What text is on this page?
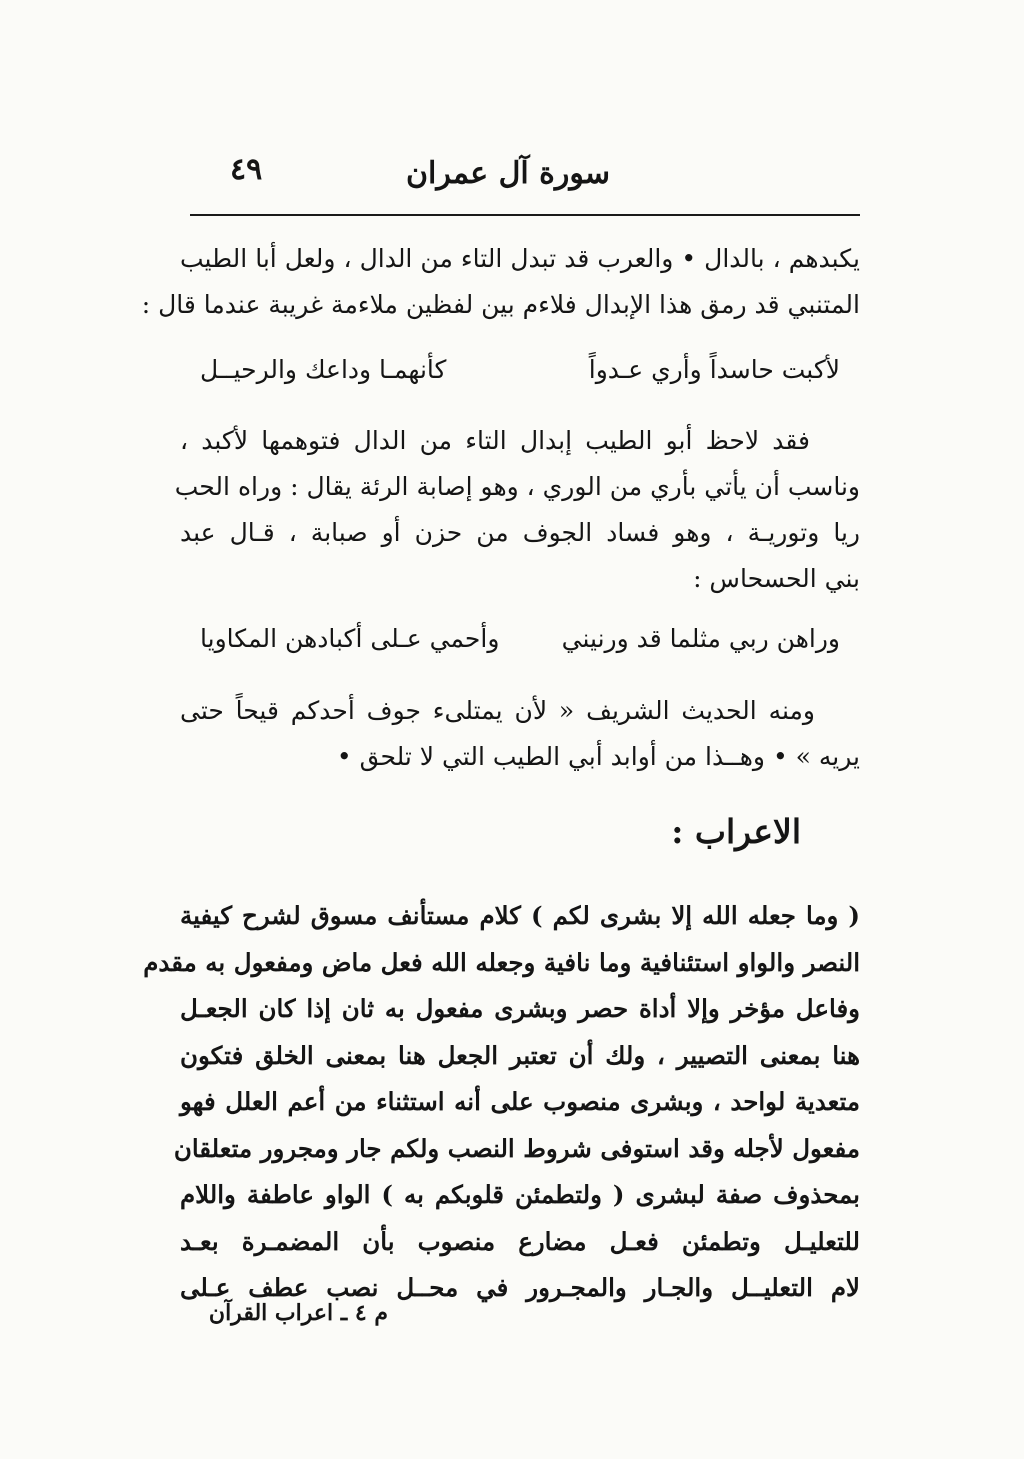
سورة آل عمران
٤٩
يكبدهم ، بالدال • والعرب قد تبدل التاء من الدال ، ولعل أبا الطيب
المتنبي قد رمق هذا الإبدال فلاءم بين لفظين ملاءمة غريبة عندما قال :
لأكبت حاسداً وأري عـدواً
كأنهمـا وداعك والرحيــل
فقد لاحظ أبو الطيب إبدال التاء من الدال فتوهمها لأكبد ،
وناسب أن يأتي بأري من الوري ، وهو إصابة الرئة يقال : وراه الحب
ريا وتوريـة ، وهو فساد الجوف من حزن أو صبابة ، قـال عبد
بني الحسحاس :
وراهن ربي مثلما قد ورنيني
وأحمي عـلى أكبادهن المكاويا
ومنه الحديث الشريف « لأن يمتلىء جوف أحدكم قيحاً حتى
يريه » • وهــذا من أوابد أبي الطيب التي لا تلحق •
الاعراب :
( وما جعله الله إلا بشرى لكم ) كلام مستأنف مسوق لشرح كيفية
النصر والواو استئنافية وما نافية وجعله الله فعل ماض ومفعول به مقدم
وفاعل مؤخر وإلا أداة حصر وبشرى مفعول به ثان إذا كان الجعـل
هنا بمعنى التصيير ، ولك أن تعتبر الجعل هنا بمعنى الخلق فتكون
متعدية لواحد ، وبشرى منصوب على أنه استثناء من أعم العلل فهو
مفعول لأجله وقد استوفى شروط النصب ولكم جار ومجرور متعلقان
بمحذوف صفة لبشرى ( ولتطمئن قلوبكم به ) الواو عاطفة واللام
للتعليـل وتطمئن فعـل مضارع منصوب بأن المضمـرة بعـد
لام التعليــل والجـار والمجـرور في محــل نصب عطف عـلى
م ٤ ـ اعراب القرآن
